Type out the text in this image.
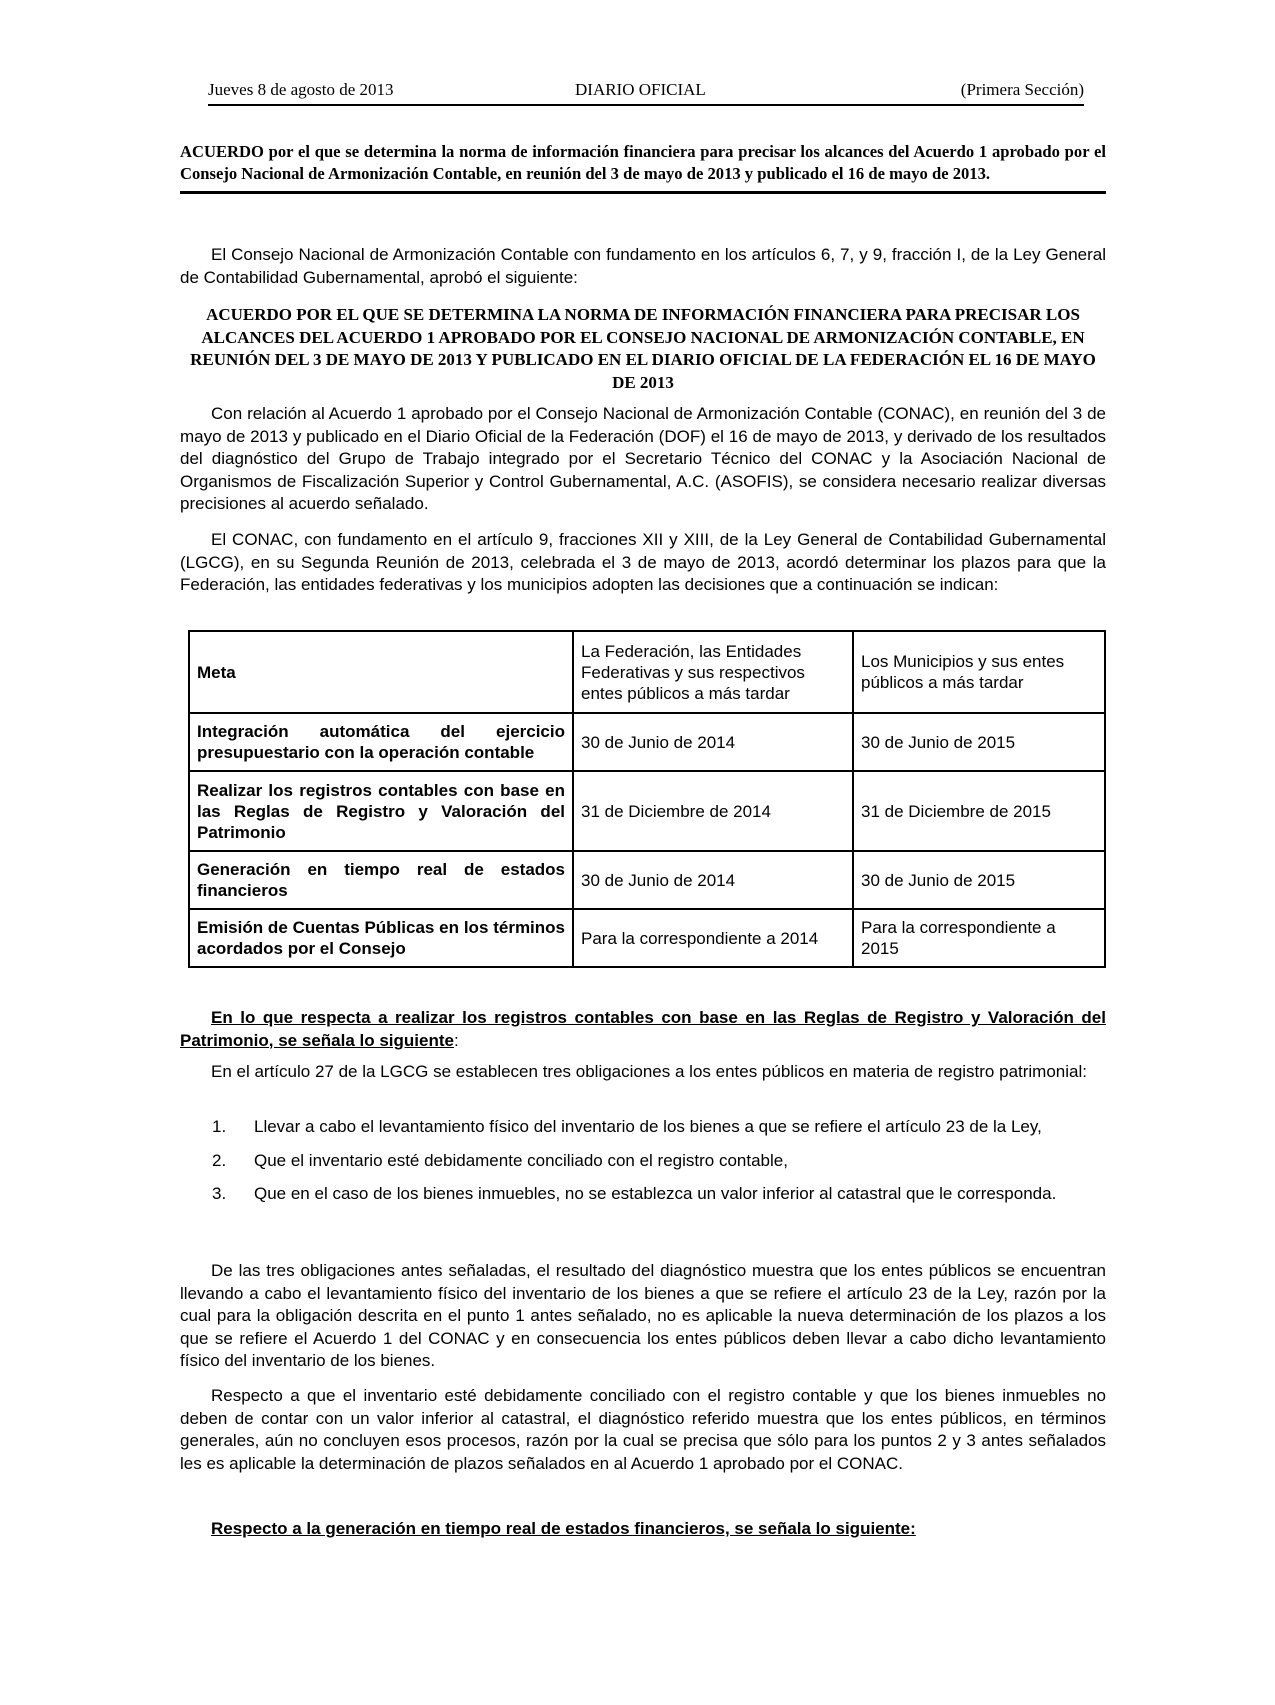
Jueves 8 de agosto de 2013	DIARIO OFICIAL	(Primera Sección)
ACUERDO por el que se determina la norma de información financiera para precisar los alcances del Acuerdo 1 aprobado por el Consejo Nacional de Armonización Contable, en reunión del 3 de mayo de 2013 y publicado el 16 de mayo de 2013.

El Consejo Nacional de Armonización Contable con fundamento en los artículos 6, 7, y 9, fracción I, de la Ley General de Contabilidad Gubernamental, aprobó el siguiente:

ACUERDO POR EL QUE SE DETERMINA LA NORMA DE INFORMACIÓN FINANCIERA PARA PRECISAR LOS ALCANCES DEL ACUERDO 1 APROBADO POR EL CONSEJO NACIONAL DE ARMONIZACIÓN CONTABLE, EN REUNIÓN DEL 3 DE MAYO DE 2013 Y PUBLICADO EN EL DIARIO OFICIAL DE LA FEDERACIÓN EL 16 DE MAYO DE 2013

Con relación al Acuerdo 1 aprobado por el Consejo Nacional de Armonización Contable (CONAC), en reunión del 3 de mayo de 2013 y publicado en el Diario Oficial de la Federación (DOF) el 16 de mayo de 2013, y derivado de los resultados del diagnóstico del Grupo de Trabajo integrado por el Secretario Técnico del CONAC y la Asociación Nacional de Organismos de Fiscalización Superior y Control Gubernamental, A.C. (ASOFIS), se considera necesario realizar diversas precisiones al acuerdo señalado.

El CONAC, con fundamento en el artículo 9, fracciones XII y XIII, de la Ley General de Contabilidad Gubernamental (LGCG), en su Segunda Reunión de 2013, celebrada el 3 de mayo de 2013, acordó determinar los plazos para que la Federación, las entidades federativas y los municipios adopten las decisiones que a continuación se indican:

Meta	La Federación, las Entidades Federativas y sus respectivos entes públicos a más tardar	Los Municipios y sus entes públicos a más tardar
Integración automática del ejercicio presupuestario con la operación contable	30 de Junio de 2014	30 de Junio de 2015
Realizar los registros contables con base en las Reglas de Registro y Valoración del Patrimonio	31 de Diciembre de 2014	31 de Diciembre de 2015
Generación en tiempo real de estados financieros	30 de Junio de 2014	30 de Junio de 2015
Emisión de Cuentas Públicas en los términos acordados por el Consejo	Para la correspondiente a 2014	Para la correspondiente a 2015

En lo que respecta a realizar los registros contables con base en las Reglas de Registro y Valoración del Patrimonio, se señala lo siguiente:

En el artículo 27 de la LGCG se establecen tres obligaciones a los entes públicos en materia de registro patrimonial:

1. Llevar a cabo el levantamiento físico del inventario de los bienes a que se refiere el artículo 23 de la Ley,
2. Que el inventario esté debidamente conciliado con el registro contable,
3. Que en el caso de los bienes inmuebles, no se establezca un valor inferior al catastral que le corresponda.

De las tres obligaciones antes señaladas, el resultado del diagnóstico muestra que los entes públicos se encuentran llevando a cabo el levantamiento físico del inventario de los bienes a que se refiere el artículo 23 de la Ley, razón por la cual para la obligación descrita en el punto 1 antes señalado, no es aplicable la nueva determinación de los plazos a los que se refiere el Acuerdo 1 del CONAC y en consecuencia los entes públicos deben llevar a cabo dicho levantamiento físico del inventario de los bienes.

Respecto a que el inventario esté debidamente conciliado con el registro contable y que los bienes inmuebles no deben de contar con un valor inferior al catastral, el diagnóstico referido muestra que los entes públicos, en términos generales, aún no concluyen esos procesos, razón por la cual se precisa que sólo para los puntos 2 y 3 antes señalados les es aplicable la determinación de plazos señalados en al Acuerdo 1 aprobado por el CONAC.

Respecto a la generación en tiempo real de estados financieros, se señala lo siguiente:
